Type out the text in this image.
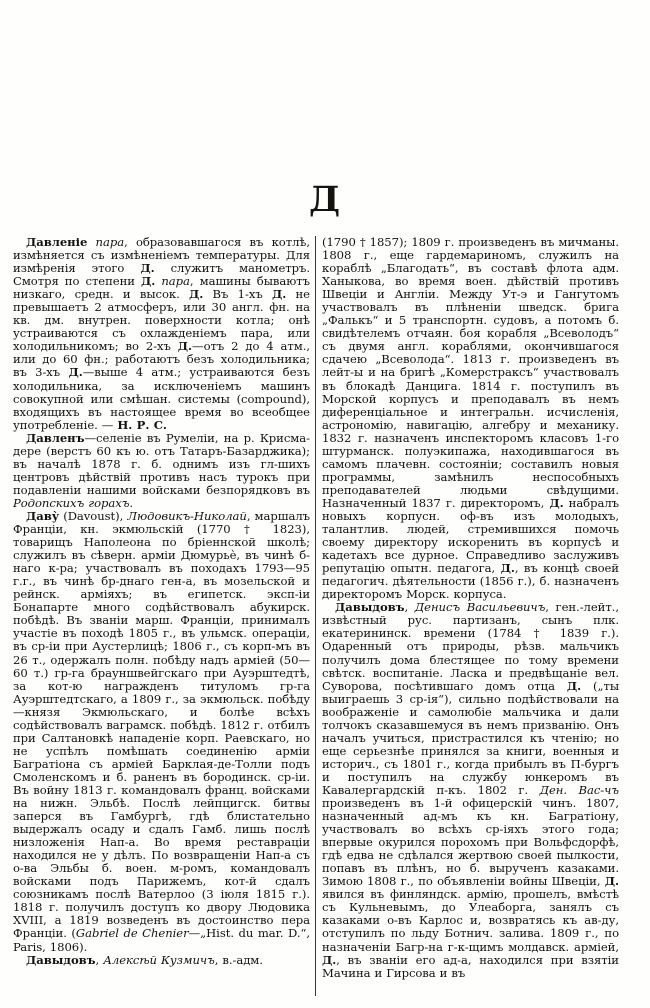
Д

Давленіе пара, образовавшагося въ котлѣ, измѣняется съ измѣненіемъ температуры. Для измѣренія этого Д. служитъ манометръ. Смотря по степени Д. пара, машины бываютъ низкаго, средн. и высок. Д. Въ 1-хъ Д. не превышаетъ 2 атмосферъ, или 30 англ. фн. на кв. дм. внутрен. поверхности котла; онѣ устраиваются съ охлажденіемъ пара, или холодильникомъ; во 2-хъ Д.—отъ 2 до 4 атм., или до 60 фн.; работаютъ безъ холодильника; въ 3-хъ Д.—выше 4 атм.; устраиваются безъ холодильника, за исключеніемъ машинъ совокупной или смѣшан. системы (compound), входящихъ въ настоящее время во всеобщее употребленіе. — Н. Р. С.

Давленъ—селеніе въ Румеліи, на р. Крисма-дере (верстъ 60 къ ю. отъ Татаръ-Базарджика); въ началѣ 1878 г. б. однимъ изъ гл-шихъ центровъ дѣйствій противъ насъ турокъ при подавленіи нашими войсками безпорядковъ въ Родопскихъ горахъ.

Даву̀ (Davoust), Людовикъ-Николай, маршалъ Франціи, кн. экмюльскій (1770 † 1823), товарищъ Наполеона по бріеннской школѣ; служилъ въ сѣверн. арміи Дюмурьѐ, въ чинѣ б-наго к-ра; участвовалъ въ походахъ 1793—95 г.г., въ чинѣ бр-днаго ген-а, въ мозельской и рейнск. арміяхъ; въ египетск. эксп-іи Бонапарте много содѣйствовалъ абукирск. побѣдѣ. Въ званіи марш. Франціи, принималъ участіе въ походѣ 1805 г., въ ульмск. операціи, въ ср-іи при Аустерлицѣ; 1806 г., съ корп-мъ въ 26 т., одержалъ полн. побѣду надъ арміей (50—60 т.) гр-га брауншвейгскаго при Ауэрштедтѣ, за кот-ю награжденъ титуломъ гр-га Ауэрштедтскаго, а 1809 г., за экмюльск. побѣду—князя Экмюльскаго, и болѣе всѣхъ содѣйствовалъ ваграмск. побѣдѣ. 1812 г. отбилъ при Салтановкѣ нападеніе корп. Раевскаго, но не успѣлъ помѣшать соединенію арміи Багратіона съ арміей Барклая-де-Толли подъ Смоленскомъ и б. раненъ въ бородинск. ср-іи. Въ войну 1813 г. командовалъ франц. войсками на нижн. Эльбѣ. Послѣ лейпцигск. битвы заперся въ Гамбургѣ, гдѣ блистательно выдержалъ осаду и сдалъ Гамб. лишь послѣ низложенія Нап-а. Во время реставраціи находился не у дѣлъ. По возвращеніи Нап-а съ о-ва Эльбы б. воен. м-ромъ, командовалъ войсками подъ Парижемъ, кот-й сдалъ союзникамъ послѣ Ватерлоо (3 іюля 1815 г.). 1818 г. получилъ доступъ ко двору Людовика XVIII, а 1819 возведенъ въ достоинство пера Франціи. (Gabriel de Chenier—„Hist. du mar. D.“, Paris, 1806).

Давыдовъ, Алексѣй Кузмичъ, в.-адм.

(1790 † 1857); 1809 г. произведенъ въ мичманы. 1808 г., еще гардемариномъ, служилъ на кораблѣ „Благодать“, въ составѣ флота адм. Ханыкова, во время воен. дѣйствій противъ Швеціи и Англіи. Между Ут-э и Гангутомъ участвовалъ въ плѣненіи шведск. брига „Фалькъ“ и 5 транспортн. судовъ, а потомъ б. свидѣтелемъ отчаян. боя корабля „Всеволодъ“ съ двумя англ. кораблями, окончившагося сдачею „Всеволода“. 1813 г. произведенъ въ лейт-ы и на бригѣ „Комерстраксъ“ участвовалъ въ блокадѣ Данцига. 1814 г. поступилъ въ Морской корпусъ и преподавалъ въ немъ диференціальное и интегральн. исчисленія, астрономію, навигацію, алгебру и механику. 1832 г. назначенъ инспекторомъ класовъ 1-го штурманск. полуэкипажа, находившагося въ самомъ плачевн. состояніи; составилъ новыя программы, замѣнилъ неспособныхъ преподавателей людьми свѣдущими. Назначенный 1837 г. директоромъ, Д. набралъ новыхъ корпусн. оф-въ изъ молодыхъ, талантлив. людей, стремившихся помочь своему директору искоренить въ корпусѣ и кадетахъ все дурное. Справедливо заслуживъ репутацію опытн. педагога, Д., въ концѣ своей педагогич. дѣятельности (1856 г.), б. назначенъ директоромъ Морск. корпуса.

Давыдовъ, Денисъ Васильевичъ, ген.-лейт., извѣстный рус. партизанъ, сынъ плк. екатерининск. времени (1784 † 1839 г.). Одаренный отъ природы, рѣзв. мальчикъ получилъ дома блестящее по тому времени свѣтск. воспитаніе. Ласка и предвѣщаніе вел. Суворова, посѣтившаго домъ отца Д. („ты выиграешь 3 ср-ія“), сильно подѣйствовали на воображеніе и самолюбіе мальчика и дали толчокъ сказавшемуся въ немъ призванію. Онъ началъ учиться, пристрастился къ чтенію; но еще серьезнѣе принялся за книги, военныя и историч., съ 1801 г., когда прибылъ въ П-бургъ и поступилъ на службу юнкеромъ въ Кавалергардскій п-къ. 1802 г. Ден. Вас-чъ произведенъ въ 1-й офицерскій чинъ. 1807, назначенный ад-мъ къ кн. Багратіону, участвовалъ во всѣхъ ср-іяхъ этого года; впервые окурился порохомъ при Вольфсдорфѣ, гдѣ едва не сдѣлался жертвою своей пылкости, попавъ въ плѣнъ, но б. вырученъ казаками. Зимою 1808 г., по объявленіи войны Швеціи, Д. явился въ финляндск. армію, прошелъ, вмѣстѣ съ Кульневымъ, до Улеаборга, занялъ съ казаками о-въ Карлос и, возвратясь къ ав-ду, отступилъ по льду Ботнич. залива. 1809 г., по назначеніи Багр-на г-к-щимъ молдавск. арміей, Д., въ званіи его ад-а, находился при взятіи Мачина и Гирсова и въ
